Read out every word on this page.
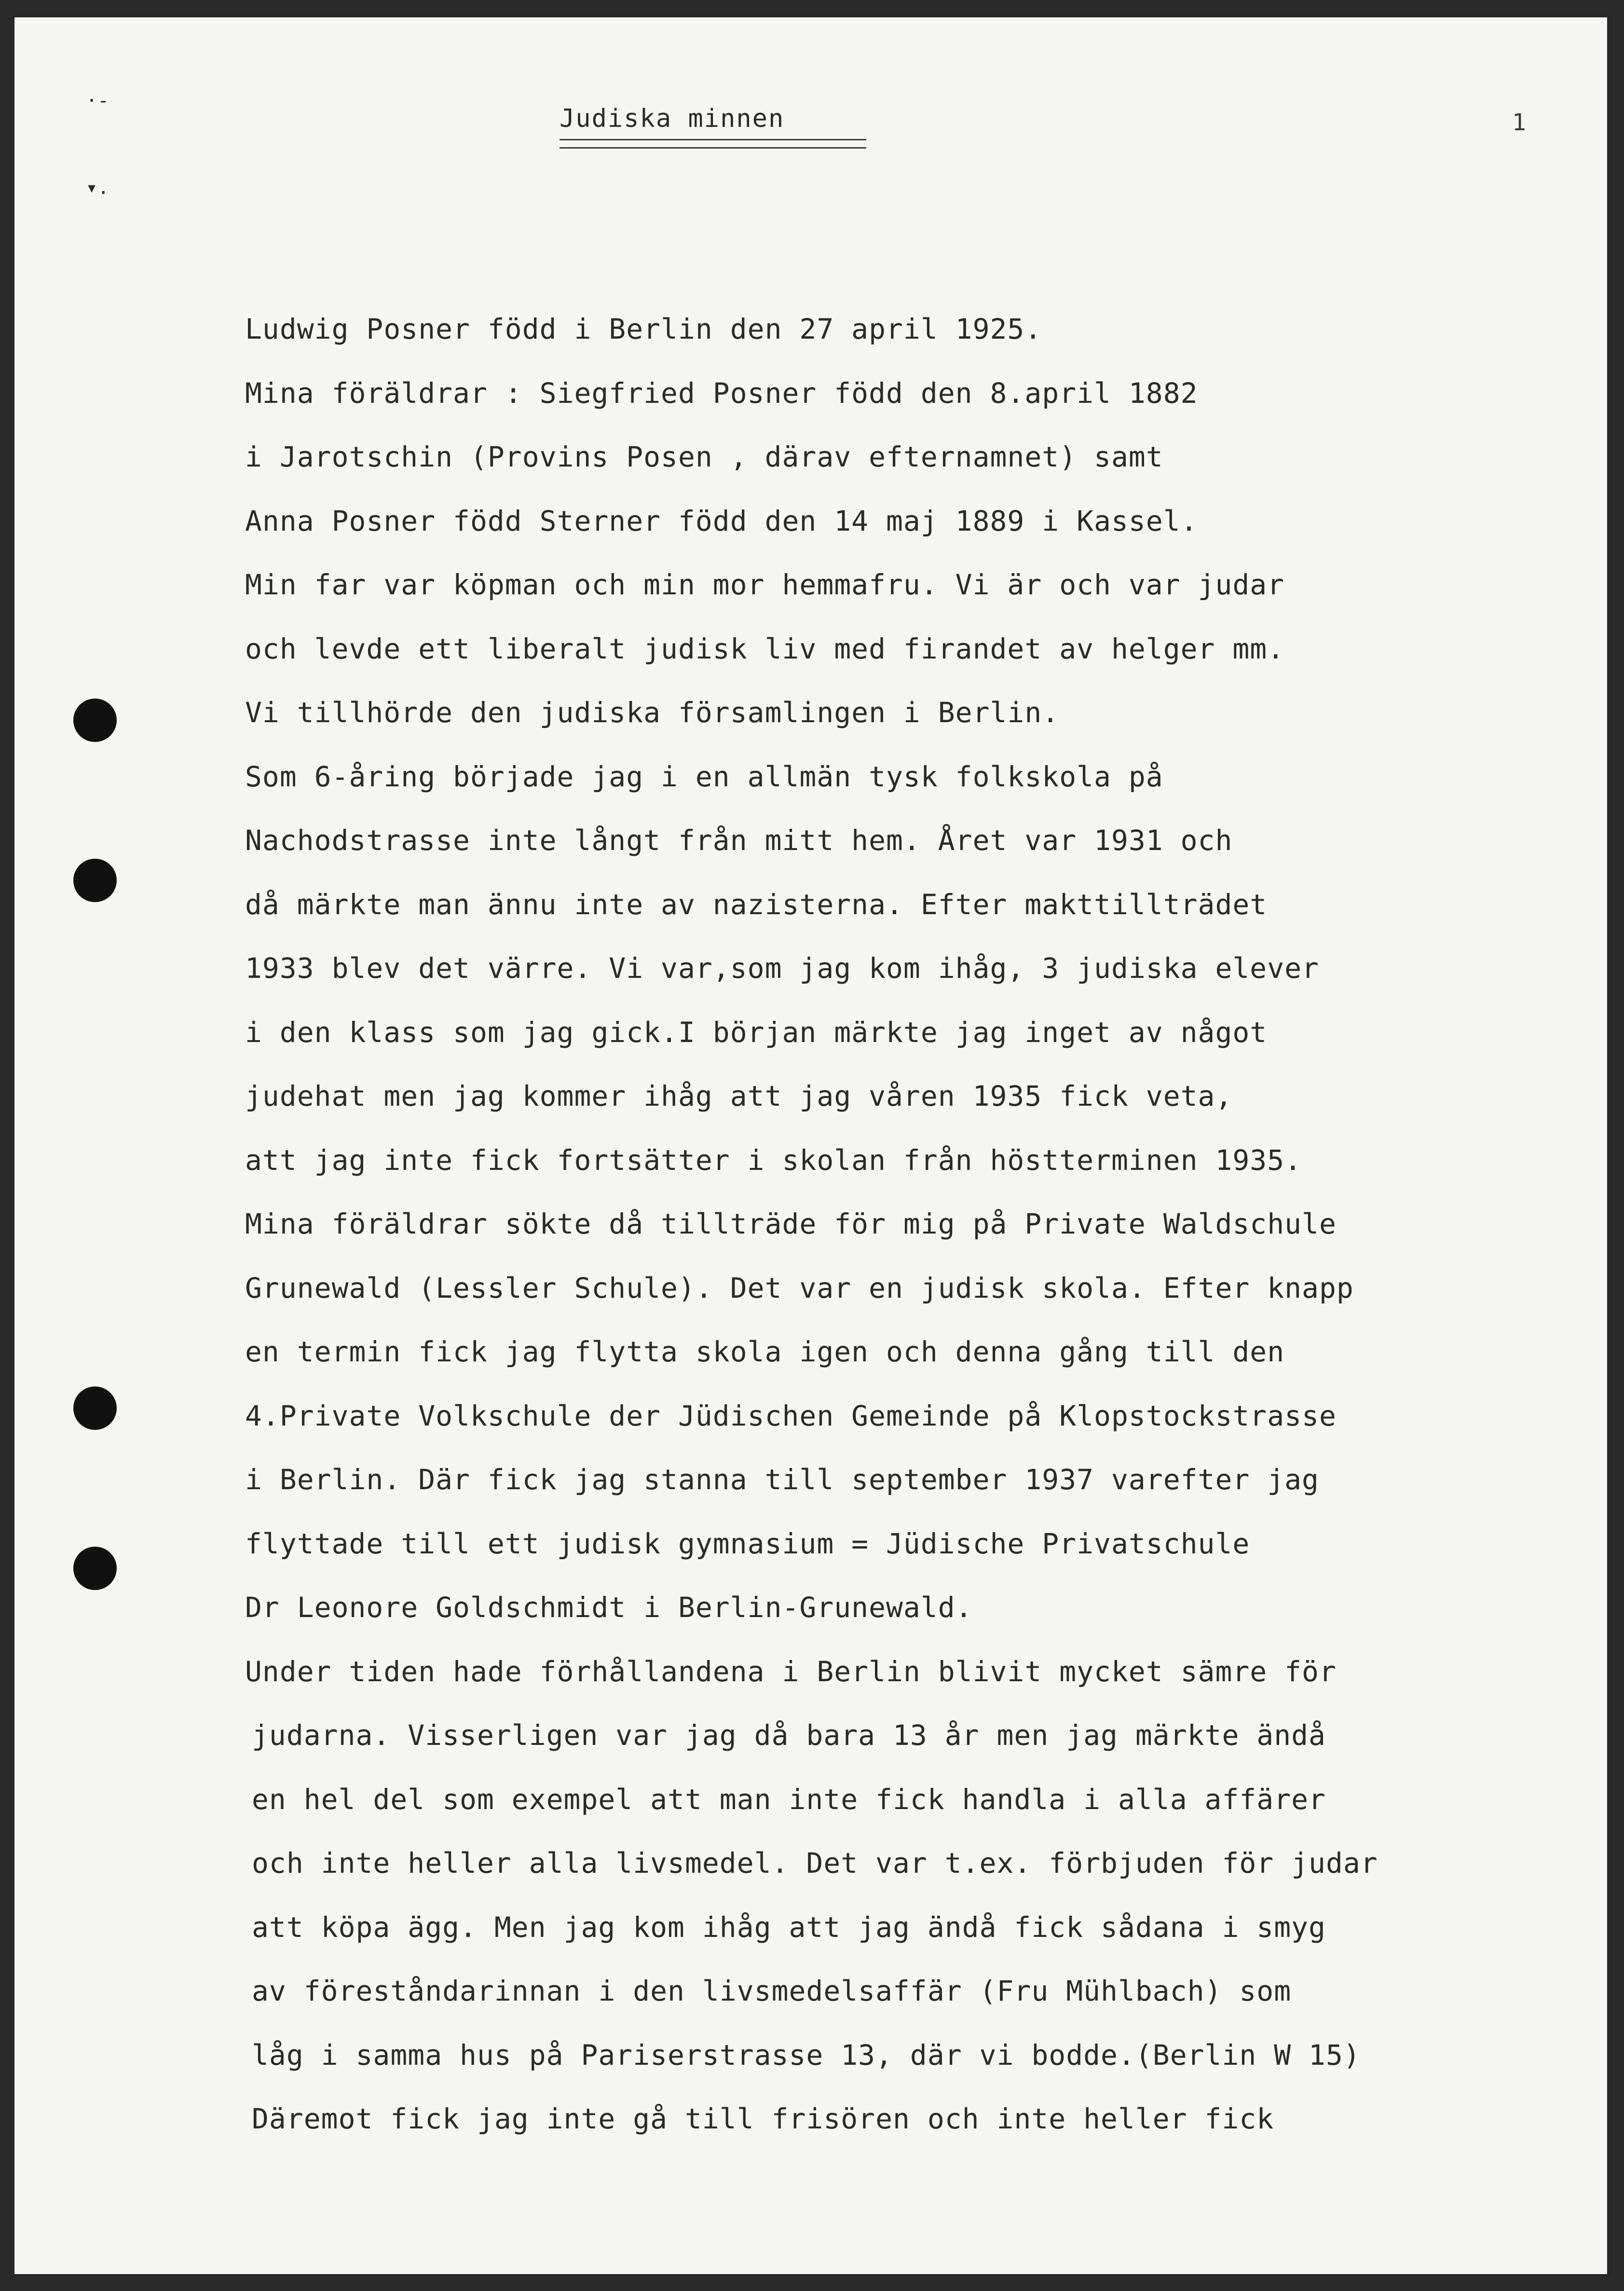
·-
▾.
Judiska minnen	1
Ludwig Posner född i Berlin den 27 april 1925.
Mina föräldrar : Siegfried Posner född den 8.april 1882
i Jarotschin (Provins Posen , därav efternamnet) samt
Anna Posner född Sterner född den 14 maj 1889 i Kassel.
Min far var köpman och min mor hemmafru. Vi är och var judar
och levde ett liberalt judisk liv med firandet av helger mm.
Vi tillhörde den judiska församlingen i Berlin.
Som 6-åring började jag i en allmän tysk folkskola på
Nachodstrasse inte långt från mitt hem. Året var 1931 och
då märkte man ännu inte av nazisterna. Efter makttillträdet
1933 blev det värre. Vi var,som jag kom ihåg, 3 judiska elever
i den klass som jag gick.I början märkte jag inget av något
judehat men jag kommer ihåg att jag våren 1935 fick veta,
att jag inte fick fortsätter i skolan från höstterminen 1935.
Mina föräldrar sökte då tillträde för mig på Private Waldschule
Grunewald (Lessler Schule). Det var en judisk skola. Efter knapp
en termin fick jag flytta skola igen och denna gång till den
4.Private Volkschule der Jüdischen Gemeinde på Klopstockstrasse
i Berlin. Där fick jag stanna till september 1937 varefter jag
flyttade till ett judisk gymnasium = Jüdische Privatschule
Dr Leonore Goldschmidt i Berlin-Grunewald.
Under tiden hade förhållandena i Berlin blivit mycket sämre för
judarna. Visserligen var jag då bara 13 år men jag märkte ändå
en hel del som exempel att man inte fick handla i alla affärer
och inte heller alla livsmedel. Det var t.ex. förbjuden för judar
att köpa ägg. Men jag kom ihåg att jag ändå fick sådana i smyg
av föreståndarinnan i den livsmedelsaffär (Fru Mühlbach) som
låg i samma hus på Pariserstrasse 13, där vi bodde.(Berlin W 15)
Däremot fick jag inte gå till frisören och inte heller fick
